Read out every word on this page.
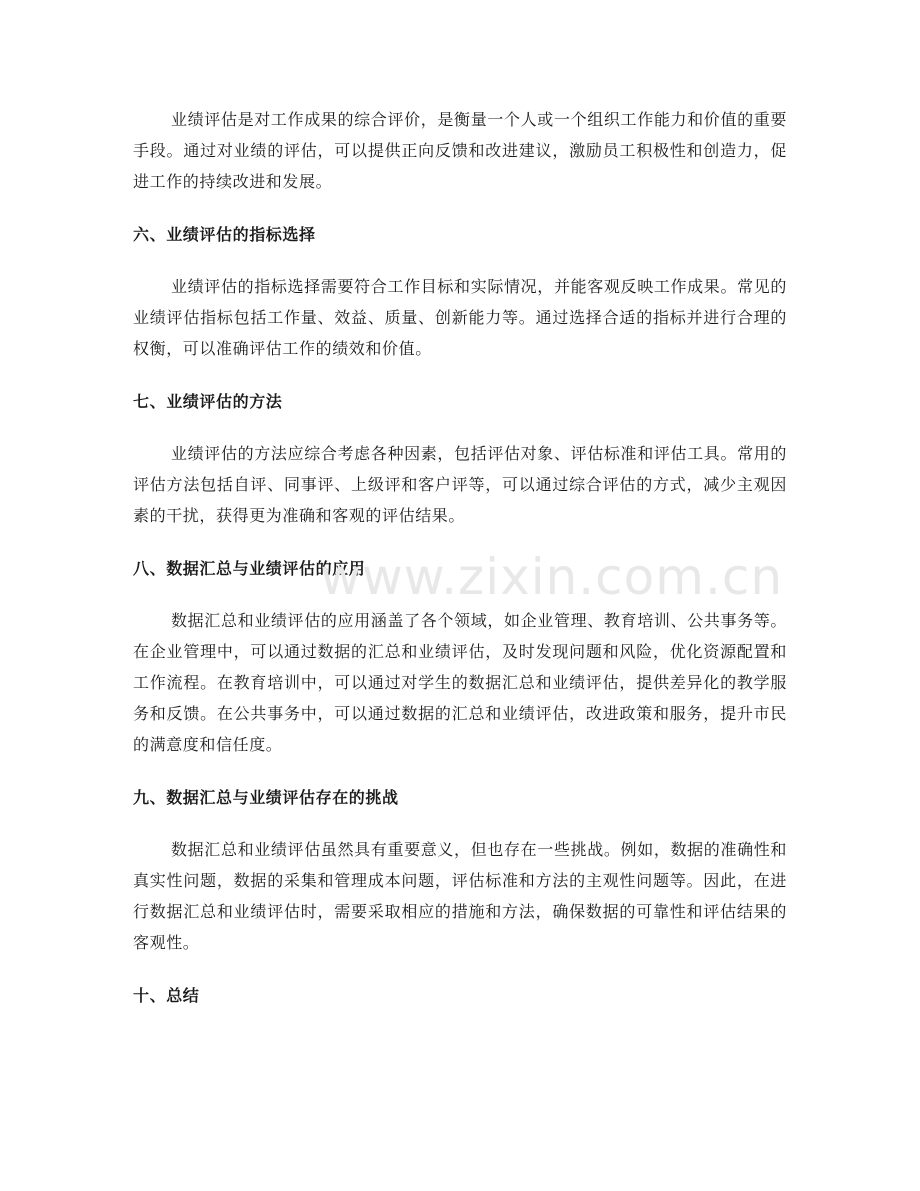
业绩评估是对工作成果的综合评价，是衡量一个人或一个组织工作能力和价值的重要手段。通过对业绩的评估，可以提供正向反馈和改进建议，激励员工积极性和创造力，促进工作的持续改进和发展。

六、业绩评估的指标选择

业绩评估的指标选择需要符合工作目标和实际情况，并能客观反映工作成果。常见的业绩评估指标包括工作量、效益、质量、创新能力等。通过选择合适的指标并进行合理的权衡，可以准确评估工作的绩效和价值。

七、业绩评估的方法

业绩评估的方法应综合考虑各种因素，包括评估对象、评估标准和评估工具。常用的评估方法包括自评、同事评、上级评和客户评等，可以通过综合评估的方式，减少主观因素的干扰，获得更为准确和客观的评估结果。

八、数据汇总与业绩评估的应用

数据汇总和业绩评估的应用涵盖了各个领域，如企业管理、教育培训、公共事务等。在企业管理中，可以通过数据的汇总和业绩评估，及时发现问题和风险，优化资源配置和工作流程。在教育培训中，可以通过对学生的数据汇总和业绩评估，提供差异化的教学服务和反馈。在公共事务中，可以通过数据的汇总和业绩评估，改进政策和服务，提升市民的满意度和信任度。

九、数据汇总与业绩评估存在的挑战

数据汇总和业绩评估虽然具有重要意义，但也存在一些挑战。例如，数据的准确性和真实性问题，数据的采集和管理成本问题，评估标准和方法的主观性问题等。因此，在进行数据汇总和业绩评估时，需要采取相应的措施和方法，确保数据的可靠性和评估结果的客观性。

十、总结
www.zixin.com.cn
